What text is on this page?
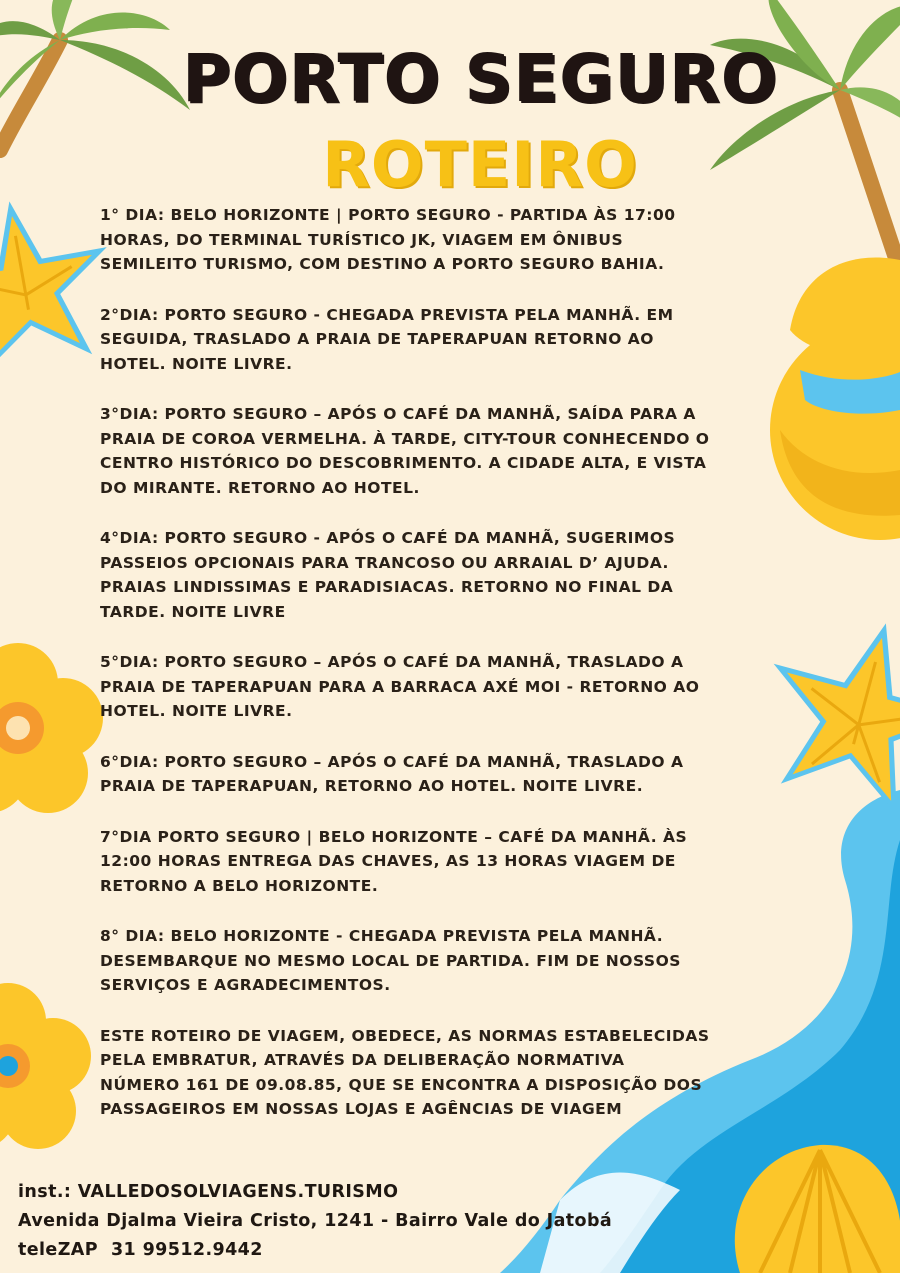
PORTO SEGURO
ROTEIRO

1° DIA: BELO HORIZONTE | PORTO SEGURO - PARTIDA ÀS 17:00
HORAS, DO TERMINAL TURÍSTICO JK, VIAGEM EM ÔNIBUS
SEMILEITO TURISMO, COM DESTINO A PORTO SEGURO BAHIA.

2°DIA: PORTO SEGURO - CHEGADA PREVISTA PELA MANHÃ. EM
SEGUIDA, TRASLADO A PRAIA DE TAPERAPUAN RETORNO AO
HOTEL. NOITE LIVRE.

3°DIA: PORTO SEGURO – APÓS O CAFÉ DA MANHÃ, SAÍDA PARA A
PRAIA DE COROA VERMELHA. À TARDE, CITY-TOUR CONHECENDO O
CENTRO HISTÓRICO DO DESCOBRIMENTO. A CIDADE ALTA, E VISTA
DO MIRANTE. RETORNO AO HOTEL.

4°DIA: PORTO SEGURO - APÓS O CAFÉ DA MANHÃ, SUGERIMOS
PASSEIOS OPCIONAIS PARA TRANCOSO OU ARRAIAL D’ AJUDA.
PRAIAS LINDISSIMAS E PARADISIACAS. RETORNO NO FINAL DA
TARDE. NOITE LIVRE

5°DIA: PORTO SEGURO – APÓS O CAFÉ DA MANHÃ, TRASLADO A
PRAIA DE TAPERAPUAN PARA A BARRACA AXÉ MOI - RETORNO AO
HOTEL. NOITE LIVRE.

6°DIA: PORTO SEGURO – APÓS O CAFÉ DA MANHÃ, TRASLADO A
PRAIA DE TAPERAPUAN, RETORNO AO HOTEL. NOITE LIVRE.

7°DIA PORTO SEGURO | BELO HORIZONTE – CAFÉ DA MANHÃ. ÀS
12:00 HORAS ENTREGA DAS CHAVES, AS 13 HORAS VIAGEM DE
RETORNO A BELO HORIZONTE.

8° DIA: BELO HORIZONTE - CHEGADA PREVISTA PELA MANHÃ.
DESEMBARQUE NO MESMO LOCAL DE PARTIDA. FIM DE NOSSOS
SERVIÇOS E AGRADECIMENTOS.

ESTE ROTEIRO DE VIAGEM, OBEDECE, AS NORMAS ESTABELECIDAS
PELA EMBRATUR, ATRAVÉS DA DELIBERAÇÃO NORMATIVA
NÚMERO 161 DE 09.08.85, QUE SE ENCONTRA A DISPOSIÇÃO DOS
PASSAGEIROS EM NOSSAS LOJAS E AGÊNCIAS DE VIAGEM

inst.: VALLEDOSOLVIAGENS.TURISMO
Avenida Djalma Vieira Cristo, 1241 - Bairro Vale do Jatobá
teleZAP  31 99512.9442
